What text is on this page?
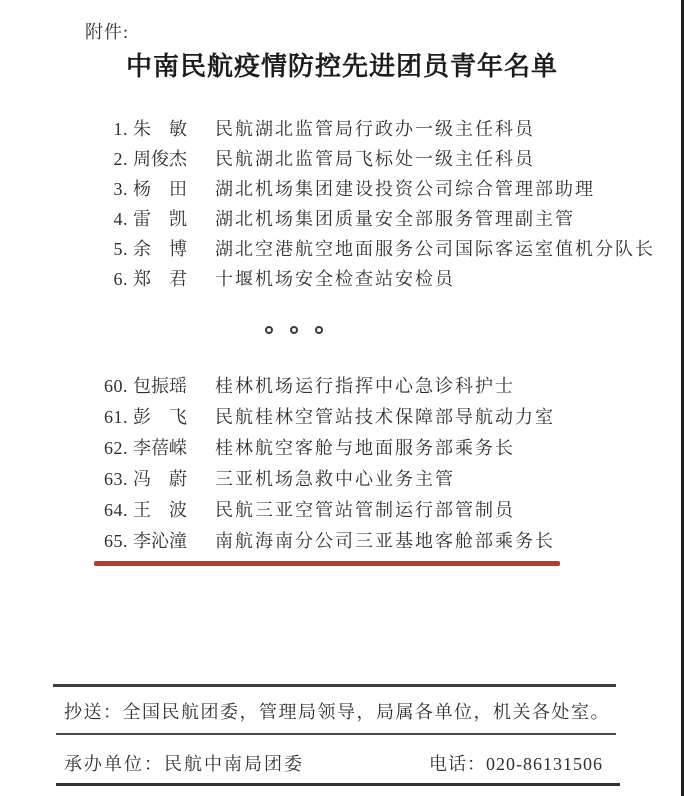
附件:
中南民航疫情防控先进团员青年名单
1. 朱　敏 民航湖北监管局行政办一级主任科员
2. 周俊杰 民航湖北监管局飞标处一级主任科员
3. 杨　田 湖北机场集团建设投资公司综合管理部助理
4. 雷　凯 湖北机场集团质量安全部服务管理副主管
5. 余　博 湖北空港航空地面服务公司国际客运室值机分队长
6. 郑　君 十堰机场安全检查站安检员
60. 包振瑶 桂林机场运行指挥中心急诊科护士
61. 彭　飞 民航桂林空管站技术保障部导航动力室
62. 李蓓嵘 桂林航空客舱与地面服务部乘务长
63. 冯　蔚 三亚机场急救中心业务主管
64. 王　波 民航三亚空管站管制运行部管制员
65. 李沁潼 南航海南分公司三亚基地客舱部乘务长
抄送：全国民航团委，管理局领导，局属各单位，机关各处室。
承办单位：民航中南局团委	电话：020-86131506
